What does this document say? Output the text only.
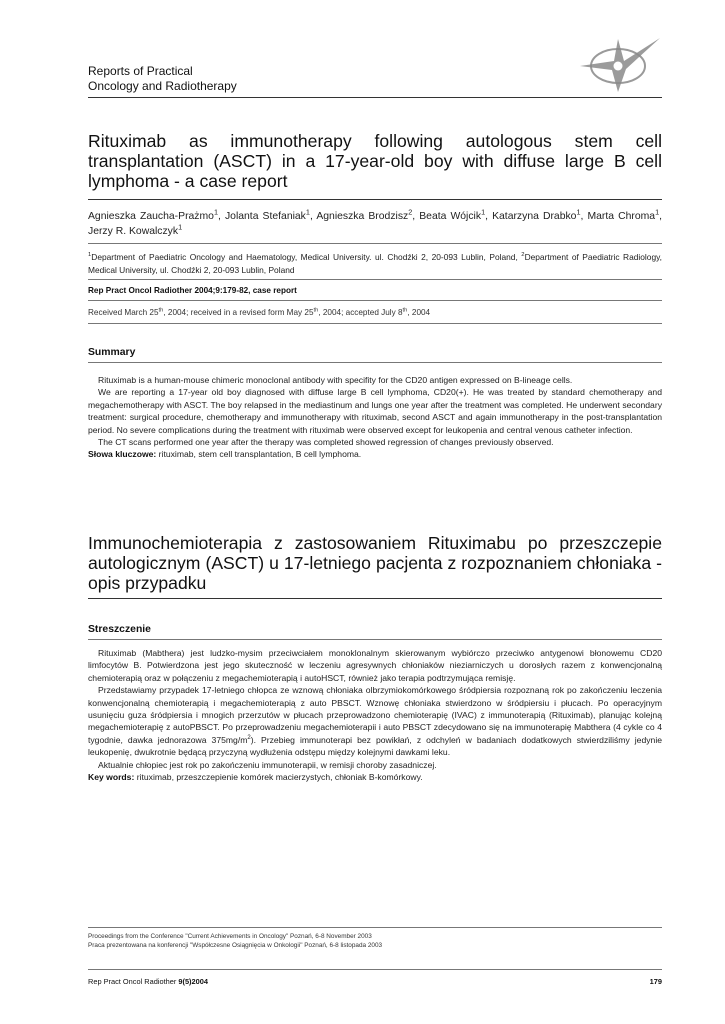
Reports of Practical
Oncology and Radiotherapy
Rituximab as immunotherapy following autologous stem cell transplantation (ASCT) in a 17-year-old boy with diffuse large B cell lymphoma - a case report
Agnieszka Zaucha-Prażmo$^1$, Jolanta Stefaniak$^1$, Agnieszka Brodzisz$^2$, Beata Wójcik$^1$, Katarzyna Drabko$^1$, Marta Chroma$^1$, Jerzy R. Kowalczyk$^1$
$^1$Department of Paediatric Oncology and Haematology, Medical University. ul. Chodźki 2, 20-093 Lublin, Poland, $^2$Department of Paediatric Radiology, Medical University, ul. Chodźki 2, 20-093 Lublin, Poland
Rep Pract Oncol Radiother 2004;9:179-82, case report
Received March 25th, 2004; received in a revised form May 25th, 2004; accepted July 8th, 2004
Summary

Rituximab is a human-mouse chimeric monoclonal antibody with specifity for the CD20 antigen expressed on B-lineage cells.

We are reporting a 17-year old boy diagnosed with diffuse large B cell lymphoma, CD20(+). He was treated by standard chemotherapy and megachemotherapy with ASCT. The boy relapsed in the mediastinum and lungs one year after the treatment was completed. He underwent secondary treatment: surgical procedure, chemotherapy and immunotherapy with rituximab, second ASCT and again immunotherapy in the post-transplantation period. No severe complications during the treatment with rituximab were observed except for leukopenia and central venous catheter infection.

The CT scans performed one year after the therapy was completed showed regression of changes previously observed.

Słowa kluczowe: rituximab, stem cell transplantation, B cell lymphoma.

Immunochemioterapia z zastosowaniem Rituximabu po przeszczepie autologicznym (ASCT) u 17-letniego pacjenta z rozpoznaniem chłoniaka - opis przypadku
Streszczenie

Rituximab (Mabthera) jest ludzko-mysim przeciwciałem monoklonalnym skierowanym wybiórczo przeciwko antygenowi błonowemu CD20 limfocytów B. Potwierdzona jest jego skuteczność w leczeniu agresywnych chłoniaków nieziarniczych u dorosłych razem z konwencjonalną chemioterapią oraz w połączeniu z megachemioterapią i autoHSCT, również jako terapia podtrzymująca remisję.

Przedstawiamy przypadek 17-letniego chłopca ze wznową chłoniaka olbrzymiokomórkowego śródpiersia rozpoznaną rok po zakończeniu leczenia konwencjonalną chemioterapią i megachemioterapią z auto PBSCT. Wznowę chłoniaka stwierdzono w śródpiersiu i płucach. Po operacyjnym usunięciu guza śródpiersia i mnogich przerzutów w płucach przeprowadzono chemioterapię (IVAC) z immunoterapią (Rituximab), planując kolejną megachemioterapię z autoPBSCT. Po przeprowadzeniu megachemioterapii i auto PBSCT zdecydowano się na immunoterapię Mabthera (4 cykle co 4 tygodnie, dawka jednorazowa $375mg/m^2$). Przebieg immunoterapi bez powikłań, z odchyleń w badaniach dodatkowych stwierdziliśmy jedynie leukopenię, dwukrotnie będącą przyczyną wydłużenia odstępu między kolejnymi dawkami leku.

Aktualnie chłopiec jest rok po zakończeniu immunoterapii, w remisji choroby zasadniczej.

Key words: rituximab, przeszczepienie komórek macierzystych, chłoniak B-komórkowy.

Proceedings from the Conference "Current Achievements in Oncology" Poznań, 6-8 November 2003
Praca prezentowana na konferencji "Współczesne Osiągnięcia w Onkologii" Poznań, 6-8 listopada 2003
Rep Pract Oncol Radiother 9(5)2004	179
